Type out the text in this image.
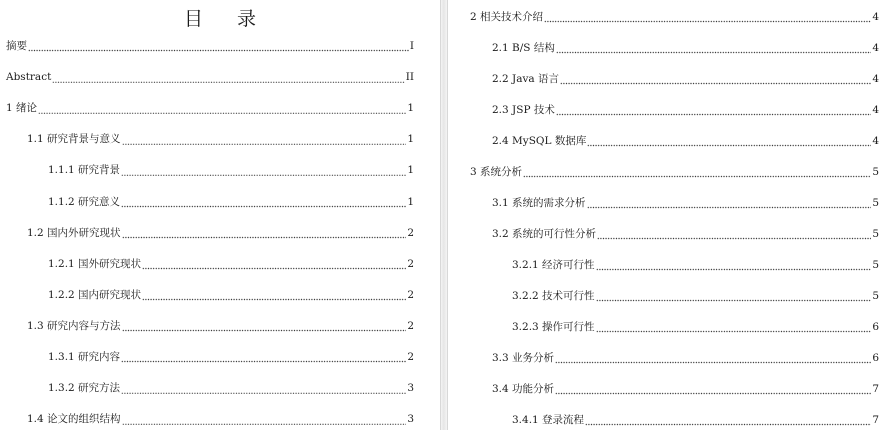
目 录
摘要	I
Abstract	II
1 绪论	1
1.1 研究背景与意义	1
1.1.1 研究背景	1
1.1.2 研究意义	1
1.2 国内外研究现状	2
1.2.1 国外研究现状	2
1.2.2 国内研究现状	2
1.3 研究内容与方法	2
1.3.1 研究内容	2
1.3.2 研究方法	3
1.4 论文的组织结构	3
2 相关技术介绍	4
2.1 B/S 结构	4
2.2 Java 语言	4
2.3 JSP 技术	4
2.4 MySQL 数据库	4
3 系统分析	5
3.1 系统的需求分析	5
3.2 系统的可行性分析	5
3.2.1 经济可行性	5
3.2.2 技术可行性	5
3.2.3 操作可行性	6
3.3 业务分析	6
3.4 功能分析	7
3.4.1 登录流程	7
